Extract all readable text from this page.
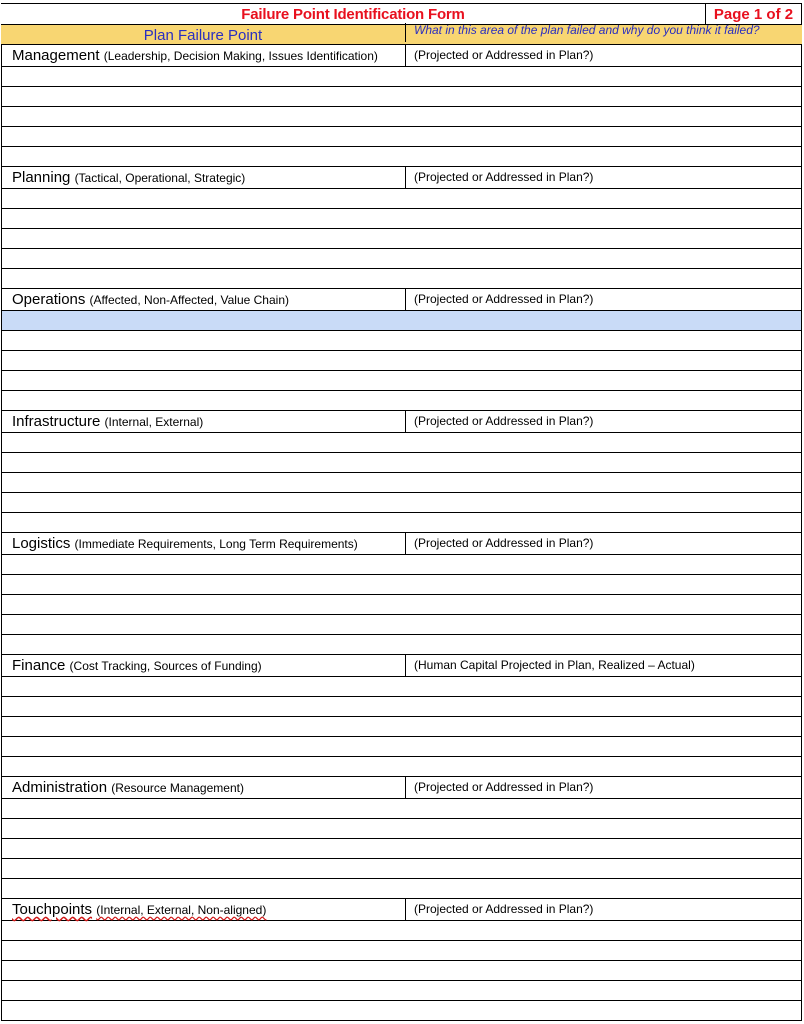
Failure Point Identification Form	Page 1 of 2
Plan Failure Point	What in this area of the plan failed and why do you think it failed?
Management (Leadership, Decision Making, Issues Identification)	(Projected or Addressed in Plan?)
Planning (Tactical, Operational, Strategic)	(Projected or Addressed in Plan?)
Operations (Affected, Non-Affected, Value Chain)	(Projected or Addressed in Plan?)
Infrastructure (Internal, External)	(Projected or Addressed in Plan?)
Logistics (Immediate Requirements, Long Term Requirements)	(Projected or Addressed in Plan?)
Finance (Cost Tracking, Sources of Funding)	(Human Capital Projected in Plan, Realized – Actual)
Administration (Resource Management)	(Projected or Addressed in Plan?)
Touchpoints (Internal, External, Non-aligned)	(Projected or Addressed in Plan?)
